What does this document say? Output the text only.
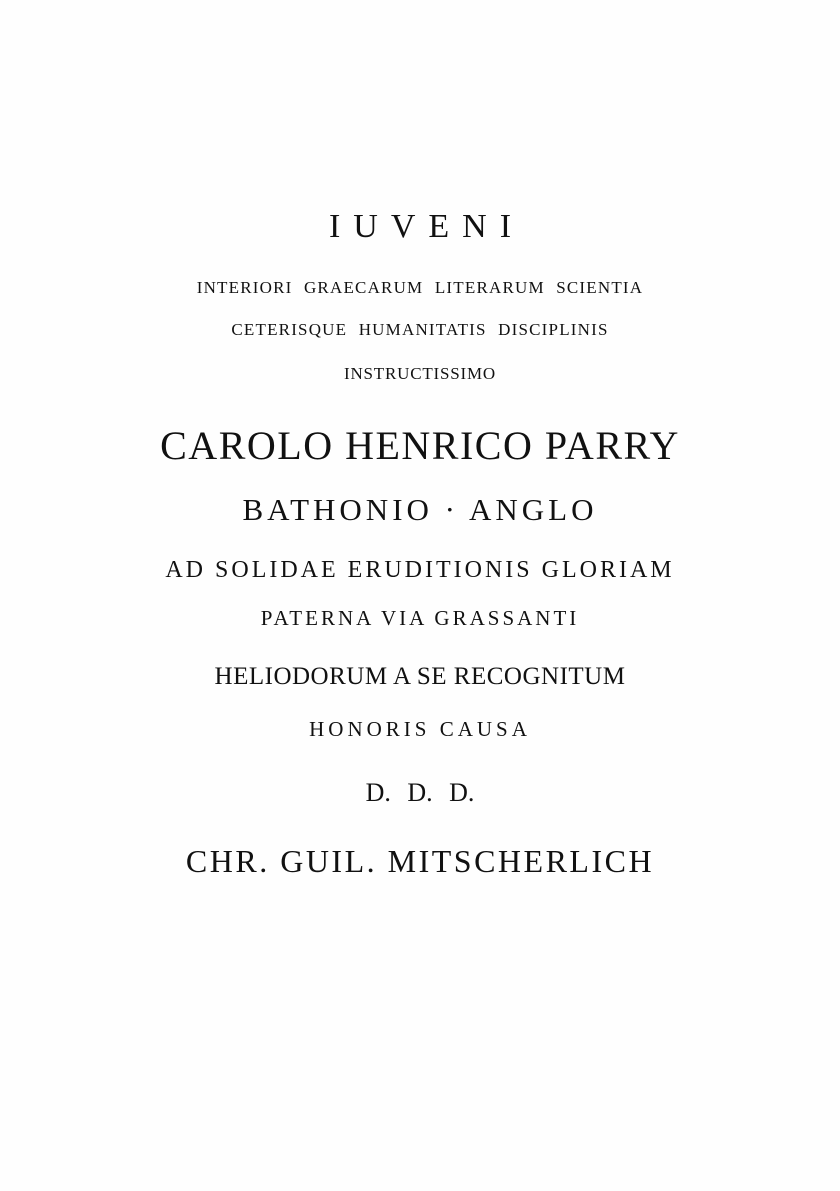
IUVENI
INTERIORI GRAECARUM LITERARUM SCIENTIA
CETERISQUE HUMANITATIS DISCIPLINIS
INSTRUCTISSIMO
CAROLO HENRICO PARRY
BATHONIO · ANGLO
AD SOLIDAE ERUDITIONIS GLORIAM
PATERNA VIA GRASSANTI
HELIODORUM A SE RECOGNITUM
HONORIS CAUSA
D. D. D.
CHR. GUIL. MITSCHERLICH
